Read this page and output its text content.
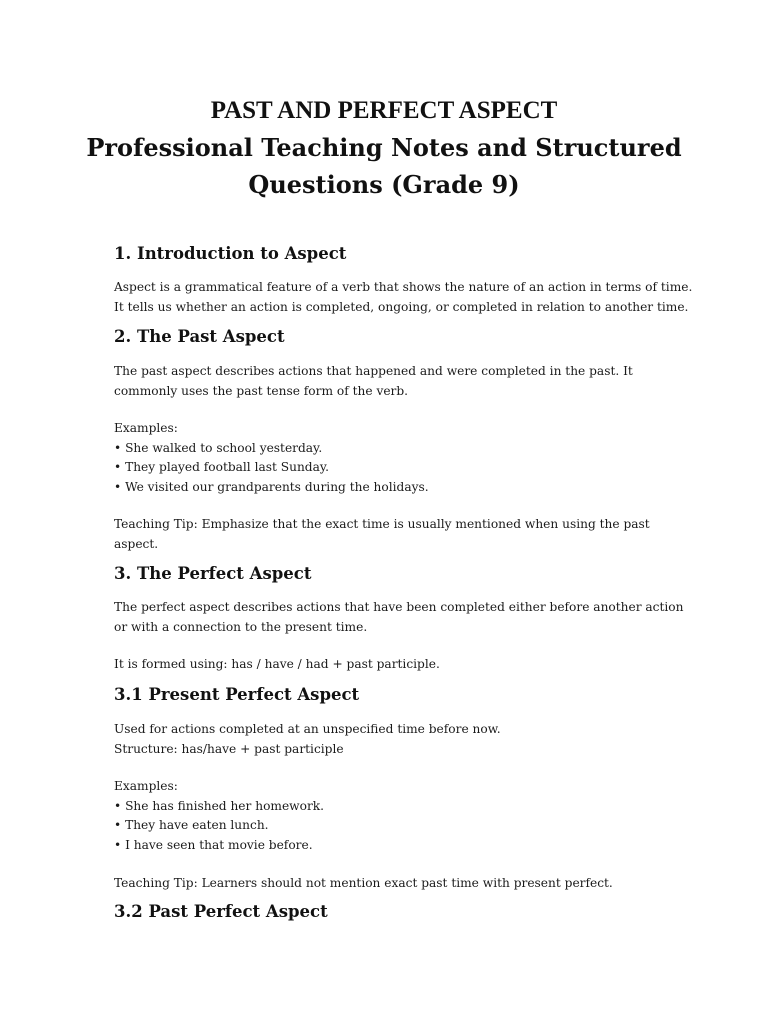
PAST AND PERFECT ASPECT
Professional Teaching Notes and Structured
Questions (Grade 9)
1. Introduction to Aspect
Aspect is a grammatical feature of a verb that shows the nature of an action in terms of time.
It tells us whether an action is completed, ongoing, or completed in relation to another time.
2. The Past Aspect
The past aspect describes actions that happened and were completed in the past. It
commonly uses the past tense form of the verb.
Examples:
• She walked to school yesterday.
• They played football last Sunday.
• We visited our grandparents during the holidays.
Teaching Tip: Emphasize that the exact time is usually mentioned when using the past
aspect.
3. The Perfect Aspect
The perfect aspect describes actions that have been completed either before another action
or with a connection to the present time.
It is formed using: has / have / had + past participle.
3.1 Present Perfect Aspect
Used for actions completed at an unspecified time before now.
Structure: has/have + past participle
Examples:
• She has finished her homework.
• They have eaten lunch.
• I have seen that movie before.
Teaching Tip: Learners should not mention exact past time with present perfect.
3.2 Past Perfect Aspect
